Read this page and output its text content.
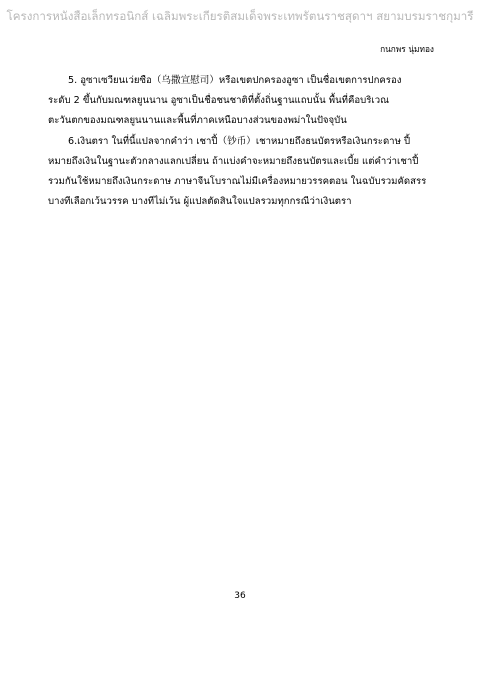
โครงการหนังสือเล็กทรอนิกส์ เฉลิมพระเกียรติสมเด็จพระเทพรัตนราชสุดาฯ สยามบรมราชกุมารี
กนกพร นุ่มทอง
5. อูซาเซวียนเว่ยซือ（乌撒宣慰司）หรือเขตปกครองอูซา เป็นชื่อเขตการปกครอง
ระดับ 2 ขึ้นกับมณฑลยูนนาน อูซาเป็นชื่อชนชาติที่ตั้งถิ่นฐานแถบนั้น พื้นที่คือบริเวณ
ตะวันตกของมณฑลยูนนานและพื้นที่ภาคเหนือบางส่วนของพม่าในปัจจุบัน
6.เงินตรา ในที่นี้แปลจากคำว่า เชาปี้（钞币）เชาหมายถึงธนบัตรหรือเงินกระดาษ ปี้
หมายถึงเงินในฐานะตัวกลางแลกเปลี่ยน ถ้าแบ่งคำจะหมายถึงธนบัตรและเบี้ย แต่คำว่าเชาปี้
รวมกันใช้หมายถึงเงินกระดาษ ภาษาจีนโบราณไม่มีเครื่องหมายวรรคตอน ในฉบับรวมคัดสรร
บางทีเลือกเว้นวรรค บางทีไม่เว้น ผู้แปลตัดสินใจแปลรวมทุกกรณีว่าเงินตรา
36
